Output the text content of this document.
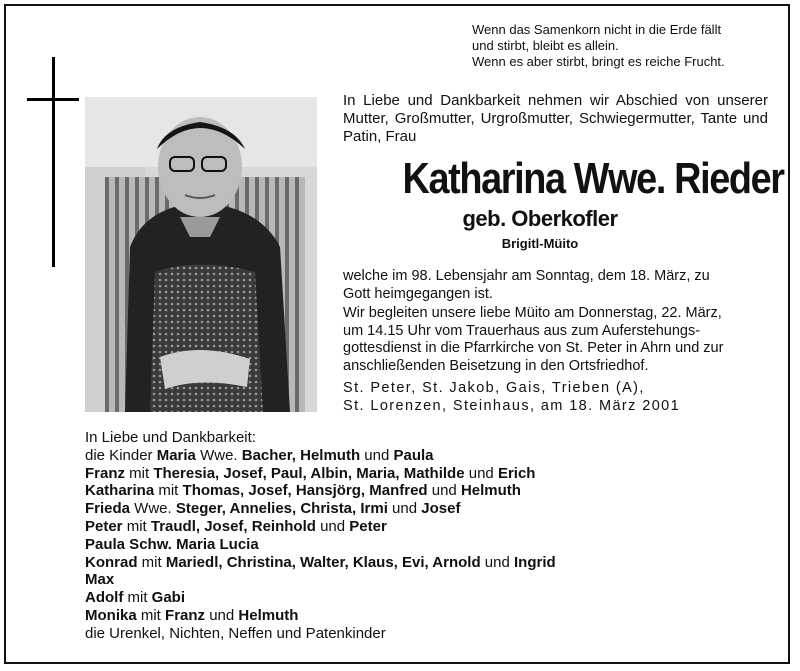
Wenn das Samenkorn nicht in die Erde fällt
und stirbt, bleibt es allein.
Wenn es aber stirbt, bringt es reiche Frucht.
In Liebe und Dankbarkeit nehmen wir Abschied von unserer Mutter, Großmutter, Urgroßmutter, Schwiegermutter, Tante und Patin, Frau
Katharina Wwe. Rieder
geb. Oberkofler
Brigitl-Müito
welche im 98. Lebensjahr am Sonntag, dem 18. März, zu
Gott heimgegangen ist.
Wir begleiten unsere liebe Müito am Donnerstag, 22. März,
um 14.15 Uhr vom Trauerhaus aus zum Auferstehungs-
gottesdienst in die Pfarrkirche von St. Peter in Ahrn und zur
anschließenden Beisetzung in den Ortsfriedhof.
St. Peter, St. Jakob, Gais, Trieben (A),
St. Lorenzen, Steinhaus, am 18. März 2001
In Liebe und Dankbarkeit:
die Kinder Maria Wwe. Bacher, Helmuth und Paula
Franz mit Theresia, Josef, Paul, Albin, Maria, Mathilde und Erich
Katharina mit Thomas, Josef, Hansjörg, Manfred und Helmuth
Frieda Wwe. Steger, Annelies, Christa, Irmi und Josef
Peter mit Traudl, Josef, Reinhold und Peter
Paula Schw. Maria Lucia
Konrad mit Mariedl, Christina, Walter, Klaus, Evi, Arnold und Ingrid
Max
Adolf mit Gabi
Monika mit Franz und Helmuth
die Urenkel, Nichten, Neffen und Patenkinder
